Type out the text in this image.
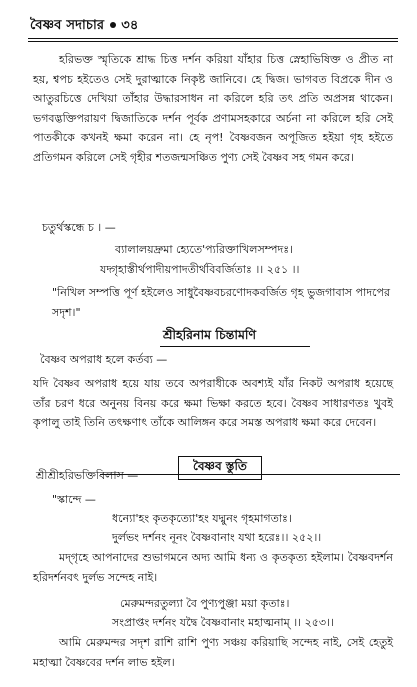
বৈষ্ণব সদাচার ৩৪
হরিভক্ত স্মৃতিকে শ্রাদ্ধ চিত্ত দর্শন করিয়া যাঁহার চিত্ত স্নেহাভিষিক্ত ও প্রীত না হয়, শ্বপচ হইতেও সেই দুরাত্মাকে নিকৃষ্ট জানিবে। হে দ্বিজ। ভাগবত বিপ্রকে দীন ও আতুরচিত্তে দেখিয়া তাঁহার উদ্ধারসাধন না করিলে হরি তৎ প্রতি অপ্রসন্ন থাকেন। ভগবদ্ভক্তিপরায়ণ দ্বিজাতিকে দর্শন পূর্বক প্রণামসহকারে অর্চনা না করিলে হরি সেই পাতকীকে কখনই ক্ষমা করেন না। হে নৃপ! বৈষ্ণবজন অপূজিত হইয়া গৃহ হইতে প্রতিগমন করিলে সেই গৃহীর শতজন্মসঞ্চিত পুণ্য সেই বৈষ্ণব সহ গমন করে।
চতুর্থস্কন্ধে চ । —
ব্যালালয়দ্রুমা হ্যেতে'প্যরিক্তাখিলসম্পদঃ।
যদ্গৃহাস্তীর্থপাদীয়পাদতীর্থবিবর্জিতাঃ ।। ২৫১ ।।
"নিখিল সম্পত্তি পূর্ণ হইলেও সাধুবৈষ্ণবচরণোদকবর্জিত গৃহ ভুজগাবাস পাদপের সদৃশ।"
শ্রীহরিনাম চিন্তামণি
বৈষ্ণব অপরাধ হলে কর্তব্য —
যদি বৈষ্ণব অপরাধ হয়ে যায় তবে অপরাধীকে অবশ্যই যাঁর নিকট অপরাধ হয়েছে তাঁর চরণ ধরে অনুনয় বিনয় করে ক্ষমা ভিক্ষা করতে হবে। বৈষ্ণব সাধারণতঃ খুবই কৃপালু তাই তিনি তৎক্ষণাৎ তাঁকে আলিঙ্গন করে সমস্ত অপরাধ ক্ষমা করে দেবেন।
বৈষ্ণব স্তুতি
শ্রীশ্রীহরিভক্তিবিলাস —
"স্কান্দে —
ধন্যো'হং কৃতকৃত্যো'হং যদ্মুনং গৃহমাগতাঃ।
দুর্লভং দর্শনং নূনং বৈষ্ণবানাং যথা হরেঃ।। ২৫২।।
মদ্‌গৃহে আপনাদের শুভাগমনে অদ্য আমি ধন্য ও কৃতকৃত্য হইলাম। বৈষ্ণবদর্শন হরিদর্শনবৎ দুর্লভ সন্দেহ নাই।
মেরুমন্দরতুল্যা বৈ পুণ্যপুঞ্জা ময়া কৃতাঃ।
সংপ্রাপ্তং দর্শনং যদ্বৈ বৈষ্ণবানাং মহাত্মনাম্ ।। ২৫৩।।
আমি মেরুমন্দর সদৃশ রাশি রাশি পুণ্য সঞ্চয় করিয়াছি সন্দেহ নাই, সেই হেতুই মহাত্মা বৈষ্ণবের দর্শন লাভ হইল।
